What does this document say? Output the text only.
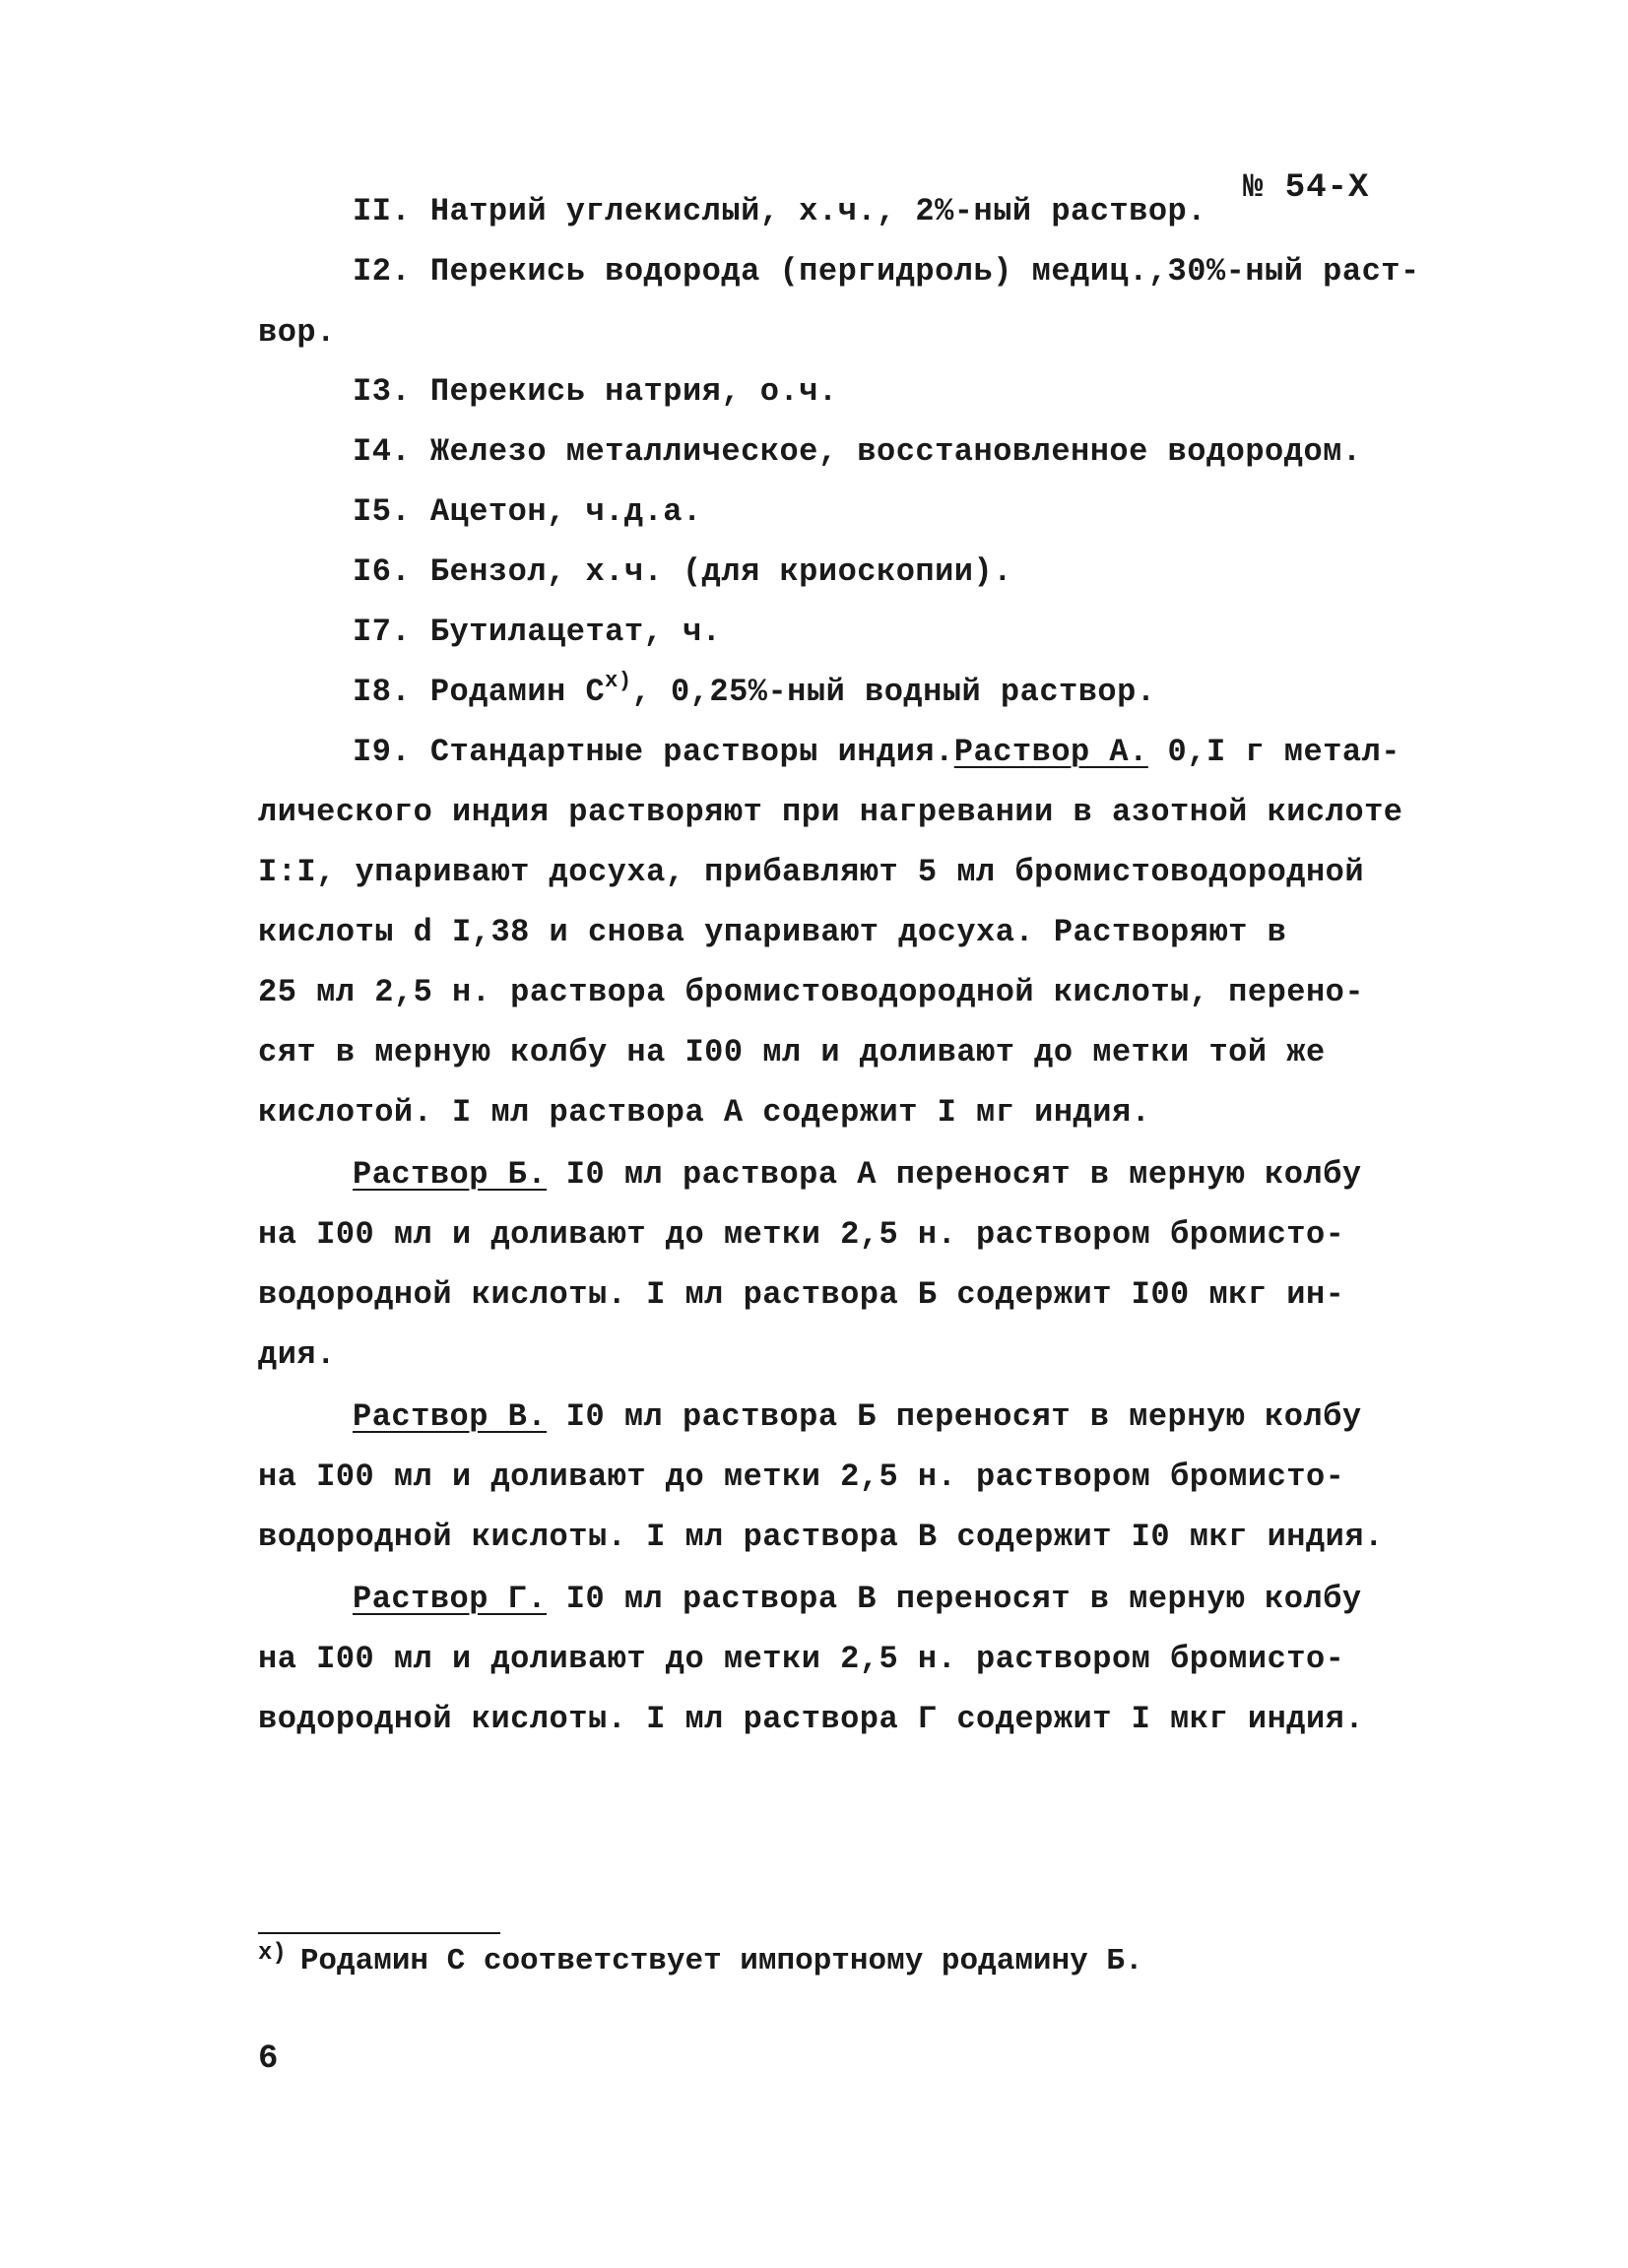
№ 54-Х
II. Натрий углекислый, х.ч., 2%-ный раствор.
I2. Перекись водорода (пергидроль) медиц.,30%-ный раст-
вор.
I3. Перекись натрия, о.ч.
I4. Железо металлическое, восстановленное водородом.
I5. Ацетон, ч.д.а.
I6. Бензол, х.ч. (для криоскопии).
I7. Бутилацетат, ч.
I8. Родамин $С^{x)}$, 0,25%-ный водный раствор.
I9. Стандартные растворы индия.Раствор А. 0,I г метал-
лического индия растворяют при нагревании в азотной кислоте
I:I, упаривают досуха, прибавляют 5 мл бромистоводородной
кислоты d I,38 и снова упаривают досуха. Растворяют в
25 мл 2,5 н. раствора бромистоводородной кислоты, перено-
сят в мерную колбу на I00 мл и доливают до метки той же
кислотой. I мл раствора А содержит I мг индия.
Раствор Б. I0 мл раствора А переносят в мерную колбу
на I00 мл и доливают до метки 2,5 н. раствором бромисто-
водородной кислоты. I мл раствора Б содержит I00 мкг ин-
дия.
Раствор В. I0 мл раствора Б переносят в мерную колбу
на I00 мл и доливают до метки 2,5 н. раствором бромисто-
водородной кислоты. I мл раствора В содержит I0 мкг индия.
Раствор Г. I0 мл раствора В переносят в мерную колбу
на I00 мл и доливают до метки 2,5 н. раствором бромисто-
водородной кислоты. I мл раствора Г содержит I мкг индия.
$^{x)}$ Родамин С соответствует импортному родамину Б.
6
